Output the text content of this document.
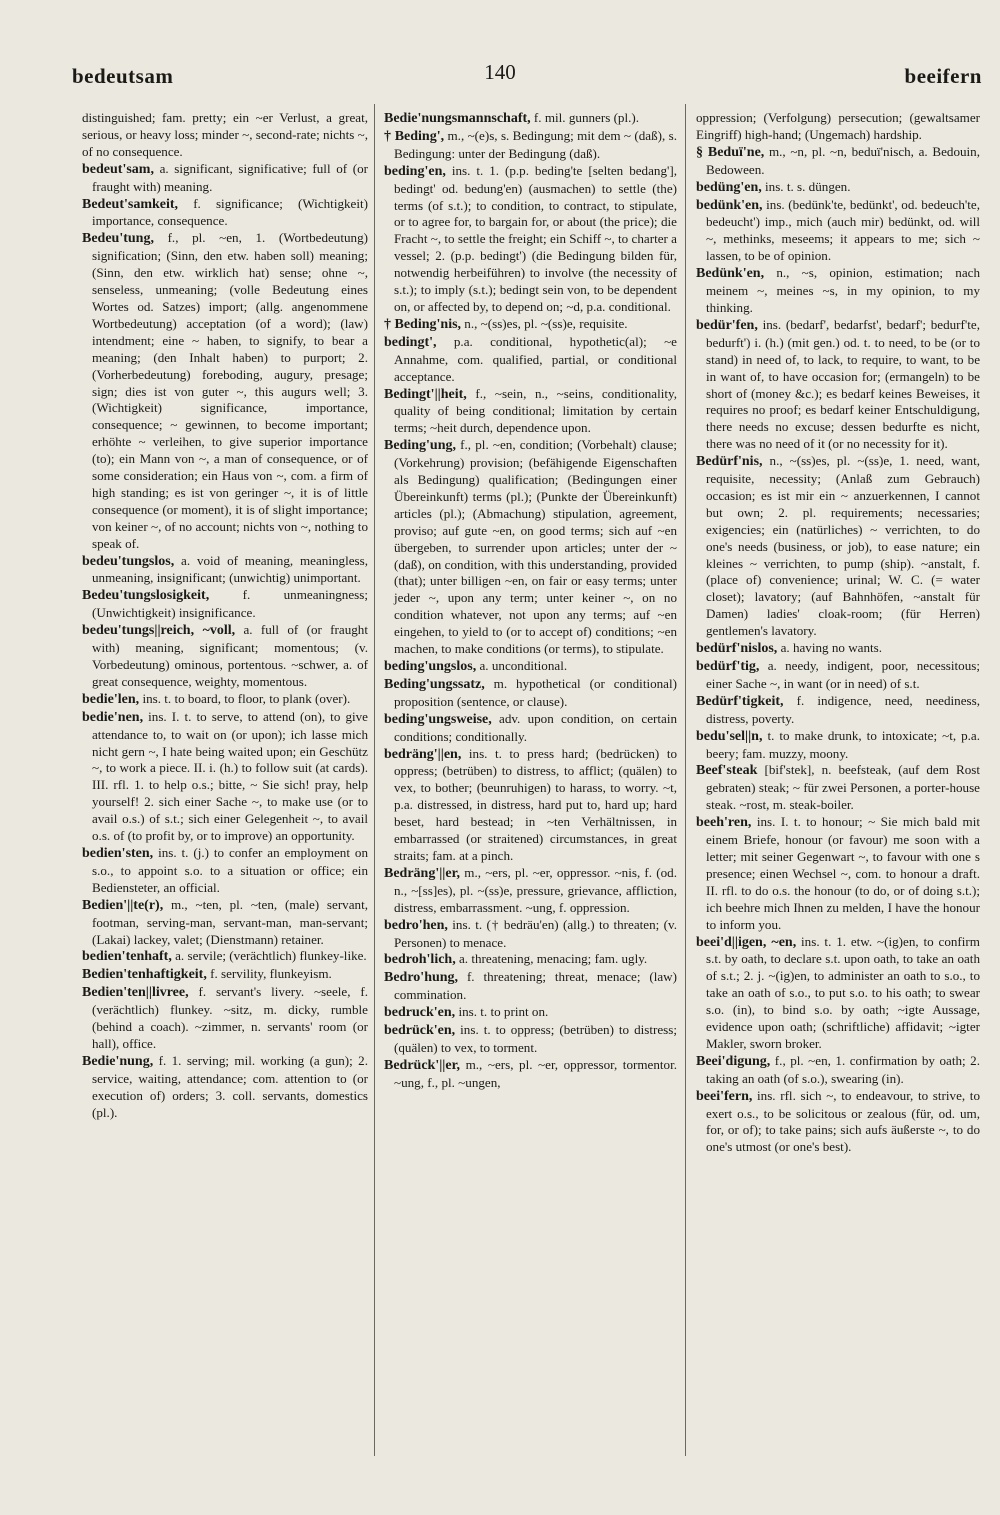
bedeutsam	140	beeifern
distinguished; fam. pretty; ein ~er Verlust, a great, serious, or heavy loss; minder ~, second-rate; nichts ~, of no consequence.
bedeut'sam, a. significant, significative; full of (or fraught with) meaning.
Bedeut'samkeit, f. significance; (Wichtigkeit) importance, consequence.
Bedeu'tung, f., pl. ~en, 1. (Wortbedeutung) signification; (Sinn, den etw. haben soll) meaning; (Sinn, den etw. wirklich hat) sense; ohne ~, senseless, unmeaning; (volle Bedeutung eines Wortes od. Satzes) import; (allg. angenommene Wortbedeutung) acceptation (of a word); (law) intendment; eine ~ haben, to signify, to bear a meaning; (den Inhalt haben) to purport; 2. (Vorherbedeutung) foreboding, augury, presage; sign; dies ist von guter ~, this augurs well; 3. (Wichtigkeit) significance, importance, consequence; ~ gewinnen, to become important; erhöhte ~ verleihen, to give superior importance (to); ein Mann von ~, a man of consequence, or of some consideration; ein Haus von ~, com. a firm of high standing; es ist von geringer ~, it is of little consequence (or moment), it is of slight importance; von keiner ~, of no account; nichts von ~, nothing to speak of.
bedeu'tungslos, a. void of meaning, meaningless, unmeaning, insignificant; (unwichtig) unimportant.
Bedeu'tungslosigkeit, f. unmeaningness; (Unwichtigkeit) insignificance.
bedeu'tungs||reich, ~voll, a. full of (or fraught with) meaning, significant; momentous; (v. Vorbedeutung) ominous, portentous. ~schwer, a. of great consequence, weighty, momentous.
bedie'len, ins. t. to board, to floor, to plank (over).
bedie'nen, ins. I. t. to serve, to attend (on), to give attendance to, to wait on (or upon); ich lasse mich nicht gern ~, I hate being waited upon; ein Geschütz ~, to work a piece. II. i. (h.) to follow suit (at cards). III. rfl. 1. to help o.s.; bitte, ~ Sie sich! pray, help yourself! 2. sich einer Sache ~, to make use (or to avail o.s.) of s.t.; sich einer Gelegenheit ~, to avail o.s. of (to profit by, or to improve) an opportunity.
bedien'sten, ins. t. (j.) to confer an employment on s.o., to appoint s.o. to a situation or office; ein Bediensteter, an official.
Bedien'||te(r), m., ~ten, pl. ~ten, (male) servant, footman, serving-man, servant-man, man-servant; (Lakai) lackey, valet; (Dienstmann) retainer.
bedien'tenhaft, a. servile; (verächtlich) flunkey-like.
Bedien'tenhaftigkeit, f. servility, flunkeyism.
Bedien'ten||livree, f. servant's livery. ~seele, f. (verächtlich) flunkey. ~sitz, m. dicky, rumble (behind a coach). ~zimmer, n. servants' room (or hall), office.
Bedie'nung, f. 1. serving; mil. working (a gun); 2. service, waiting, attendance; com. attention to (or execution of) orders; 3. coll. servants, domestics (pl.).
Bedie'nungsmannschaft, f. mil. gunners (pl.).
† Beding', m., ~(e)s, s. Bedingung; mit dem ~ (daß), s. Bedingung: unter der Bedingung (daß).
beding'en, ins. t. 1. (p.p. beding'te [selten bedang'], bedingt' od. bedung'en) (ausmachen) to settle (the) terms (of s.t.); to condition, to contract, to stipulate, or to agree for, to bargain for, or about (the price); die Fracht ~, to settle the freight; ein Schiff ~, to charter a vessel; 2. (p.p. bedingt') (die Bedingung bilden für, notwendig herbeiführen) to involve (the necessity of s.t.); to imply (s.t.); bedingt sein von, to be dependent on, or affected by, to depend on; ~d, p.a. conditional.
† Beding'nis, n., ~(ss)es, pl. ~(ss)e, requisite.
bedingt', p.a. conditional, hypothetic(al); ~e Annahme, com. qualified, partial, or conditional acceptance.
Bedingt'||heit, f., ~sein, n., ~seins, conditionality, quality of being conditional; limitation by certain terms; ~heit durch, dependence upon.
Beding'ung, f., pl. ~en, condition; (Vorbehalt) clause; (Vorkehrung) provision; (befähigende Eigenschaften als Bedingung) qualification; (Bedingungen einer Übereinkunft) terms (pl.); (Punkte der Übereinkunft) articles (pl.); (Abmachung) stipulation, agreement, proviso; auf gute ~en, on good terms; sich auf ~en übergeben, to surrender upon articles; unter der ~ (daß), on condition, with this understanding, provided (that); unter billigen ~en, on fair or easy terms; unter jeder ~, upon any term; unter keiner ~, on no condition whatever, not upon any terms; auf ~en eingehen, to yield to (or to accept of) conditions; ~en machen, to make conditions (or terms), to stipulate.
beding'ungslos, a. unconditional.
Beding'ungssatz, m. hypothetical (or conditional) proposition (sentence, or clause).
beding'ungsweise, adv. upon condition, on certain conditions; conditionally.
bedräng'||en, ins. t. to press hard; (bedrücken) to oppress; (betrüben) to distress, to afflict; (quälen) to vex, to bother; (beunruhigen) to harass, to worry. ~t, p.a. distressed, in distress, hard put to, hard up; hard beset, hard bestead; in ~ten Verhältnissen, in embarrassed (or straitened) circumstances, in great straits; fam. at a pinch.
Bedräng'||er, m., ~ers, pl. ~er, oppressor. ~nis, f. (od. n., ~[ss]es), pl. ~(ss)e, pressure, grievance, affliction, distress, embarrassment. ~ung, f. oppression.
bedro'hen, ins. t. († bedräu'en) (allg.) to threaten; (v. Personen) to menace.
bedroh'lich, a. threatening, menacing; fam. ugly.
Bedro'hung, f. threatening; threat, menace; (law) commination.
bedruck'en, ins. t. to print on.
bedrück'en, ins. t. to oppress; (betrüben) to distress; (quälen) to vex, to torment.
Bedrück'||er, m., ~ers, pl. ~er, oppressor, tormentor. ~ung, f., pl. ~ungen,
oppression; (Verfolgung) persecution; (gewaltsamer Eingriff) high-hand; (Ungemach) hardship.
§ Beduï'ne, m., ~n, pl. ~n, beduï'nisch, a. Bedouin, Bedoween.
bedüng'en, ins. t. s. düngen.
bedünk'en, ins. (bedünk'te, bedünkt', od. bedeuch'te, bedeucht') imp., mich (auch mir) bedünkt, od. will ~, methinks, meseems; it appears to me; sich ~ lassen, to be of opinion.
Bedünk'en, n., ~s, opinion, estimation; nach meinem ~, meines ~s, in my opinion, to my thinking.
bedür'fen, ins. (bedarf', bedarfst', bedarf'; bedurf'te, bedurft') i. (h.) (mit gen.) od. t. to need, to be (or to stand) in need of, to lack, to require, to want, to be in want of, to have occasion for; (ermangeln) to be short of (money &c.); es bedarf keines Beweises, it requires no proof; es bedarf keiner Entschuldigung, there needs no excuse; dessen bedurfte es nicht, there was no need of it (or no necessity for it).
Bedürf'nis, n., ~(ss)es, pl. ~(ss)e, 1. need, want, requisite, necessity; (Anlaß zum Gebrauch) occasion; es ist mir ein ~ anzuerkennen, I cannot but own; 2. pl. requirements; necessaries; exigencies; ein (natürliches) ~ verrichten, to do one's needs (business, or job), to ease nature; ein kleines ~ verrichten, to pump (ship). ~anstalt, f. (place of) convenience; urinal; W. C. (= water closet); lavatory; (auf Bahnhöfen, ~anstalt für Damen) ladies' cloak-room; (für Herren) gentlemen's lavatory.
bedürf'nislos, a. having no wants.
bedürf'tig, a. needy, indigent, poor, necessitous; einer Sache ~, in want (or in need) of s.t.
Bedürf'tigkeit, f. indigence, need, neediness, distress, poverty.
bedu'sel||n, t. to make drunk, to intoxicate; ~t, p.a. beery; fam. muzzy, moony.
Beef'steak [bif'stek], n. beefsteak, (auf dem Rost gebraten) steak; ~ für zwei Personen, a porter-house steak. ~rost, m. steak-boiler.
beeh'ren, ins. I. t. to honour; ~ Sie mich bald mit einem Briefe, honour (or favour) me soon with a letter; mit seiner Gegenwart ~, to favour with one s presence; einen Wechsel ~, com. to honour a draft. II. rfl. to do o.s. the honour (to do, or of doing s.t.); ich beehre mich Ihnen zu melden, I have the honour to inform you.
beei'd||igen, ~en, ins. t. 1. etw. ~(ig)en, to confirm s.t. by oath, to declare s.t. upon oath, to take an oath of s.t.; 2. j. ~(ig)en, to administer an oath to s.o., to take an oath of s.o., to put s.o. to his oath; to swear s.o. (in), to bind s.o. by oath; ~igte Aussage, evidence upon oath; (schriftliche) affidavit; ~igter Makler, sworn broker.
Beei'digung, f., pl. ~en, 1. confirmation by oath; 2. taking an oath (of s.o.), swearing (in).
beei'fern, ins. rfl. sich ~, to endeavour, to strive, to exert o.s., to be solicitous or zealous (für, od. um, for, or of); to take pains; sich aufs äußerste ~, to do one's utmost (or one's best).
